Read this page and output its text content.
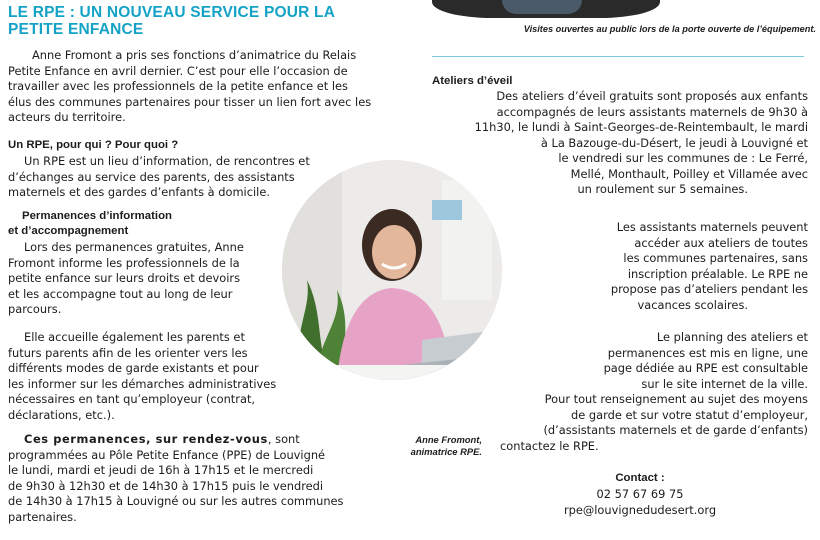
LE RPE : UN NOUVEAU SERVICE POUR LA
PETITE ENFANCE
Anne Fromont a pris ses fonctions d’animatrice du Relais
Petite Enfance en avril dernier. C’est pour elle l’occasion de
travailler avec les professionnels de la petite enfance et les
élus des communes partenaires pour tisser un lien fort avec les
acteurs du territoire.
Un RPE, pour qui ? Pour quoi ?
Un RPE est un lieu d’information, de rencontres et
d’échanges au service des parents, des assistants
maternels et des gardes d’enfants à domicile.
Permanences d’information
et d’accompagnement
Lors des permanences gratuites, Anne
Fromont informe les professionnels de la
petite enfance sur leurs droits et devoirs
et les accompagne tout au long de leur
parcours.
Elle accueille également les parents et
futurs parents afin de les orienter vers les
différents modes de garde existants et pour
les informer sur les démarches administratives
nécessaires en tant qu’employeur (contrat,
déclarations, etc.).
Ces permanences, sur rendez-vous, sont
programmées au Pôle Petite Enfance (PPE) de Louvigné
le lundi, mardi et jeudi de 16h à 17h15 et le mercredi
de 9h30 à 12h30 et de 14h30 à 17h15 puis le vendredi
de 14h30 à 17h15 à Louvigné ou sur les autres communes
partenaires.
Visites ouvertes au public lors de la porte ouverte de l’équipement.
Anne Fromont,
animatrice RPE.
Ateliers d’éveil
Des ateliers d’éveil gratuits sont proposés aux enfants
accompagnés de leurs assistants maternels de 9h30 à
11h30, le lundi à Saint-Georges-de-Reintembault, le mardi
à La Bazouge-du-Désert, le jeudi à Louvigné et
le vendredi sur les communes de : Le Ferré,
Mellé, Monthault, Poilley et Villamée avec
un roulement sur 5 semaines.
Les assistants maternels peuvent
accéder aux ateliers de toutes
les communes partenaires, sans
inscription préalable. Le RPE ne
propose pas d’ateliers pendant les
vacances scolaires.
Le planning des ateliers et
permanences est mis en ligne, une
page dédiée au RPE est consultable
sur le site internet de la ville.
Pour tout renseignement au sujet des moyens
de garde et sur votre statut d’employeur,
(d’assistants maternels et de garde d’enfants)
contactez le RPE.
Contact :
02 57 67 69 75
rpe@louvignedudesert.org
